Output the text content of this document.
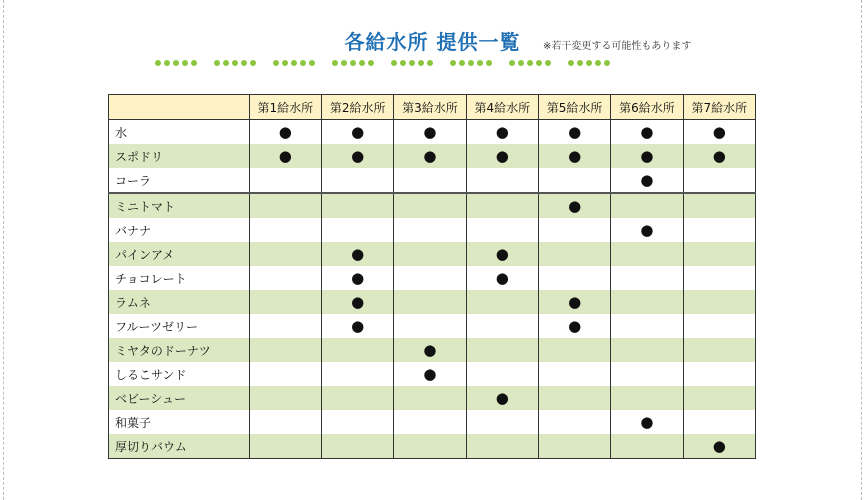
各給水所 提供一覧	※若干変更する可能性もあります
	第1給水所	第2給水所	第3給水所	第4給水所	第5給水所	第6給水所	第7給水所
水	●	●	●	●	●	●	●
スポドリ	●	●	●	●	●	●	●
コーラ						●	
ミニトマト					●		
バナナ						●	
パインアメ		●		●			
チョコレート		●		●			
ラムネ		●			●		
フルーツゼリー		●			●		
ミヤタのドーナツ			●				
しるこサンド			●				
ベビーシュー				●			
和菓子						●	
厚切りバウム							●
